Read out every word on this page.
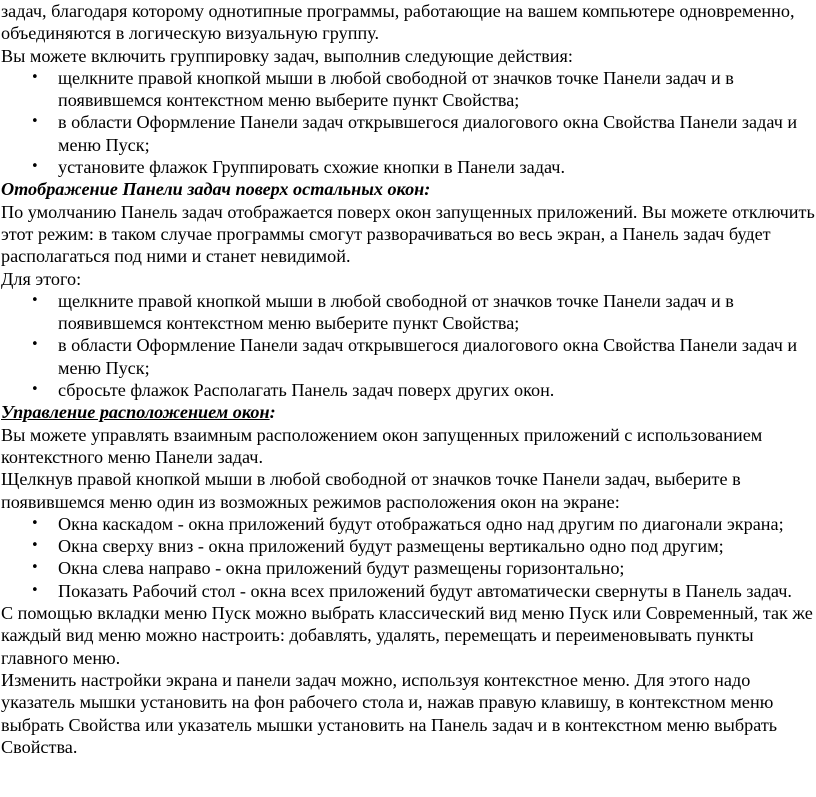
задач, благодаря которому однотипные программы, работающие на вашем компьютере одновременно, объединяются в логическую визуальную группу.

Вы можете включить группировку задач, выполнив следующие действия:

• щелкните правой кнопкой мыши в любой свободной от значков точке Панели задач и в появившемся контекстном меню выберите пункт Свойства;
• в области Оформление Панели задач открывшегося диалогового окна Свойства Панели задач и меню Пуск;
• установите флажок Группировать схожие кнопки в Панели задач.

Отображение Панели задач поверх остальных окон:

По умолчанию Панель задач отображается поверх окон запущенных приложений. Вы можете отключить этот режим: в таком случае программы смогут разворачиваться во весь экран, а Панель задач будет располагаться под ними и станет невидимой.

Для этого:

• щелкните правой кнопкой мыши в любой свободной от значков точке Панели задач и в появившемся контекстном меню выберите пункт Свойства;
• в области Оформление Панели задач открывшегося диалогового окна Свойства Панели задач и меню Пуск;
• сбросьте флажок Располагать Панель задач поверх других окон.

Управление расположением окон:

Вы можете управлять взаимным расположением окон запущенных приложений с использованием контекстного меню Панели задач.

Щелкнув правой кнопкой мыши в любой свободной от значков точке Панели задач, выберите в появившемся меню один из возможных режимов расположения окон на экране:

• Окна каскадом - окна приложений будут отображаться одно над другим по диагонали экрана;
• Окна сверху вниз - окна приложений будут размещены вертикально одно под другим;
• Окна слева направо - окна приложений будут размещены горизонтально;
• Показать Рабочий стол - окна всех приложений будут автоматически свернуты в Панель задач.

С помощью вкладки меню Пуск можно выбрать классический вид меню Пуск или Современный, так же каждый вид меню можно настроить: добавлять, удалять, перемещать и переименовывать пункты главного меню.

Изменить настройки экрана и панели задач можно, используя контекстное меню. Для этого надо указатель мышки установить на фон рабочего стола и, нажав правую клавишу, в контекстном меню выбрать Свойства или указатель мышки установить на Панель задач и в контекстном меню выбрать Свойства.
